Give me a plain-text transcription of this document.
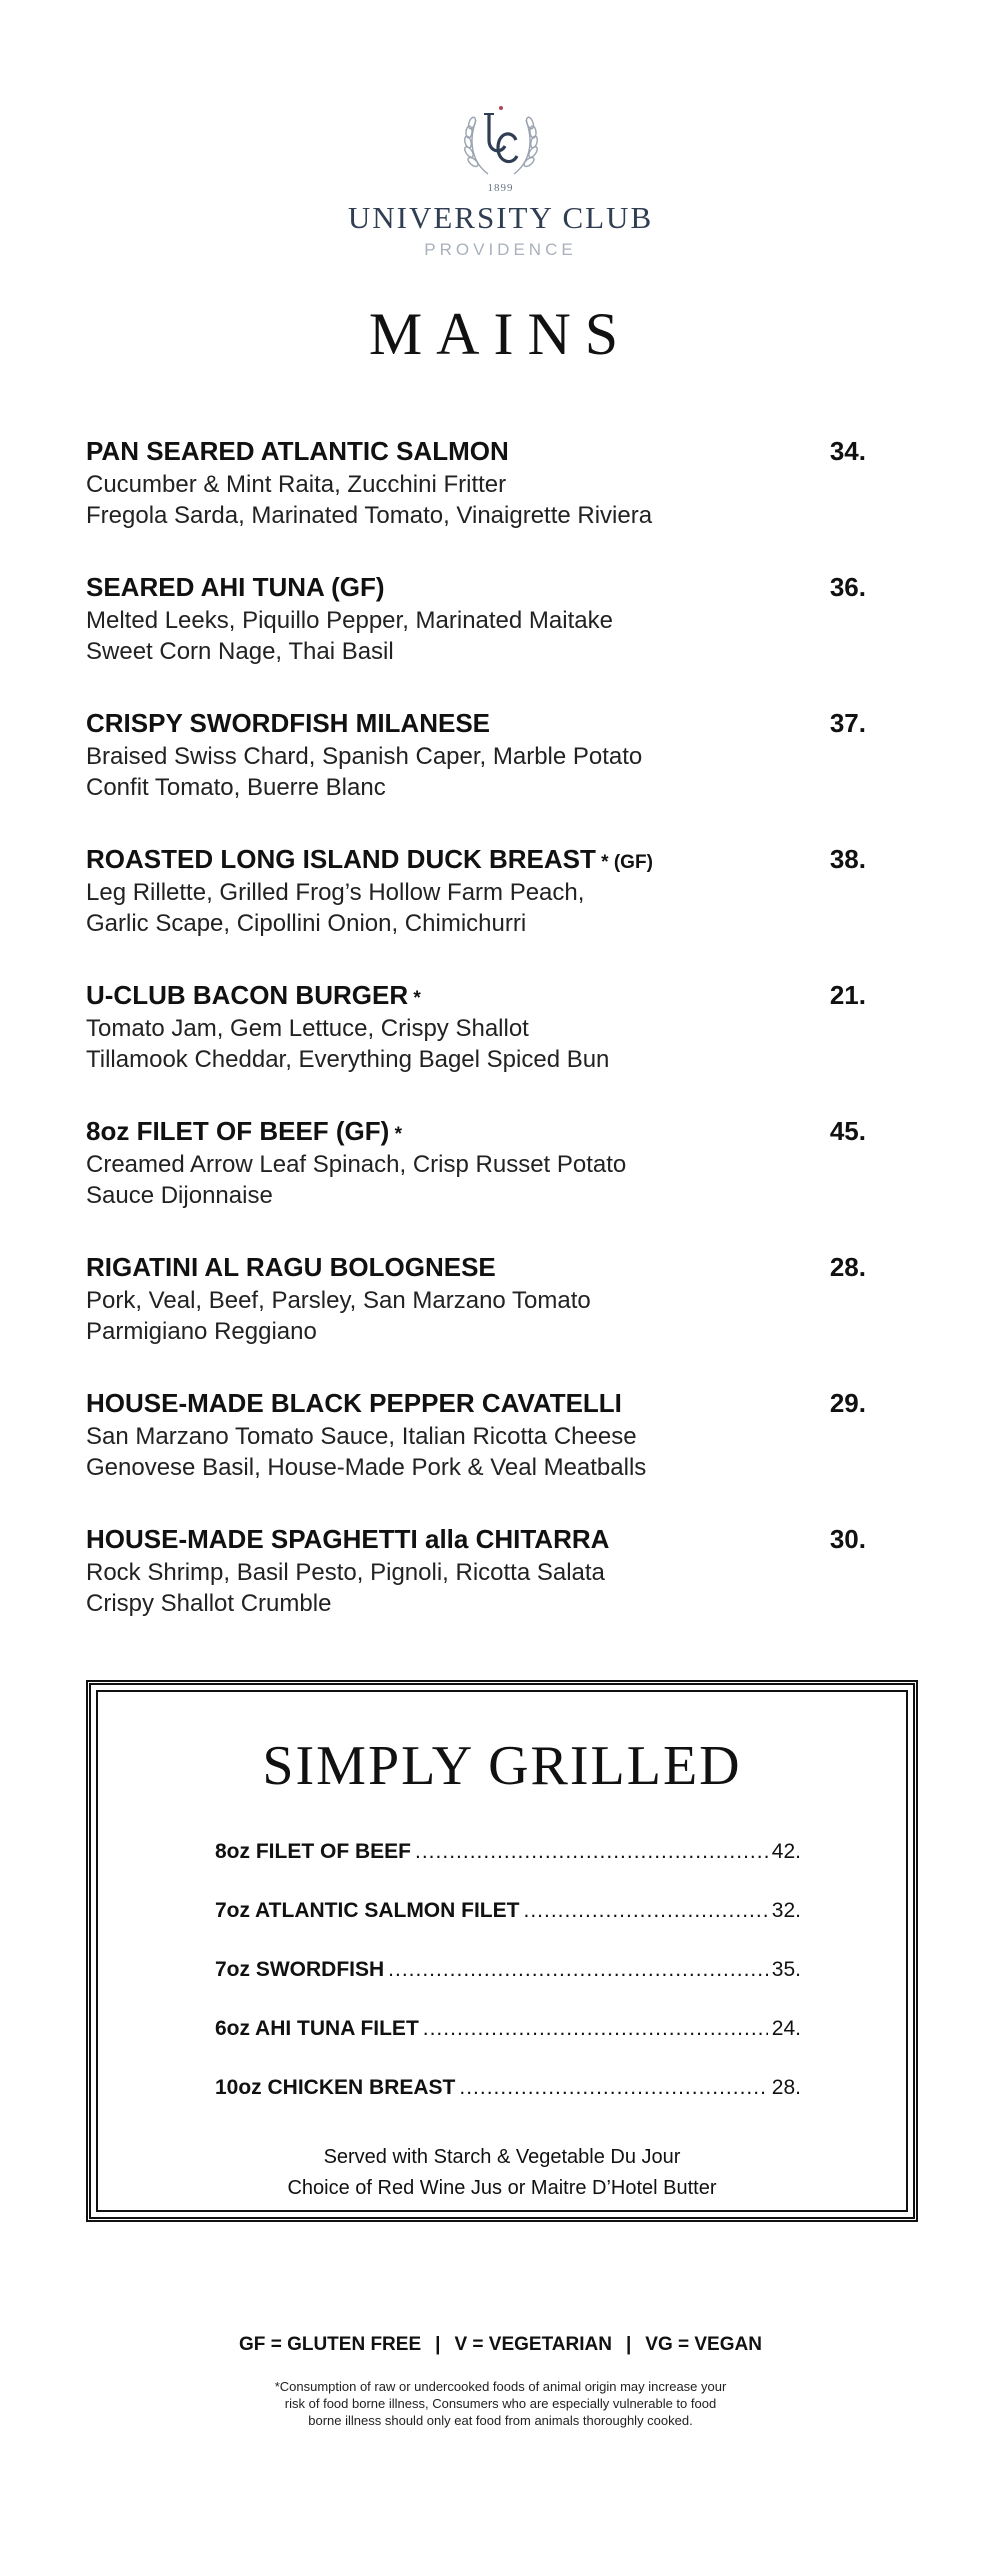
1899
UNIVERSITY CLUB
PROVIDENCE
MAINS
PAN SEARED ATLANTIC SALMON	34.
Cucumber & Mint Raita, Zucchini Fritter
Fregola Sarda, Marinated Tomato, Vinaigrette Riviera
SEARED AHI TUNA (GF)	36.
Melted Leeks, Piquillo Pepper, Marinated Maitake
Sweet Corn Nage, Thai Basil
CRISPY SWORDFISH MILANESE	37.
Braised Swiss Chard, Spanish Caper, Marble Potato
Confit Tomato, Buerre Blanc
ROASTED LONG ISLAND DUCK BREAST * (GF)	38.
Leg Rillette, Grilled Frog’s Hollow Farm Peach,
Garlic Scape, Cipollini Onion, Chimichurri
U-CLUB BACON BURGER *	21.
Tomato Jam, Gem Lettuce, Crispy Shallot
Tillamook Cheddar, Everything Bagel Spiced Bun
8oz FILET OF BEEF (GF) *	45.
Creamed Arrow Leaf Spinach, Crisp Russet Potato
Sauce Dijonnaise
RIGATINI AL RAGU BOLOGNESE	28.
Pork, Veal, Beef, Parsley, San Marzano Tomato
Parmigiano Reggiano
HOUSE-MADE BLACK PEPPER CAVATELLI	29.
San Marzano Tomato Sauce, Italian Ricotta Cheese
Genovese Basil, House-Made Pork & Veal Meatballs
HOUSE-MADE SPAGHETTI alla CHITARRA	30.
Rock Shrimp, Basil Pesto, Pignoli, Ricotta Salata
Crispy Shallot Crumble
SIMPLY GRILLED
8oz FILET OF BEEF .....	42.
7oz ATLANTIC SALMON FILET .....	32.
7oz SWORDFISH .....	35.
6oz AHI TUNA FILET .....	24.
10oz CHICKEN BREAST .....	28.
Served with Starch & Vegetable Du Jour
Choice of Red Wine Jus or Maitre D’Hotel Butter
GF = GLUTEN FREE | V = VEGETARIAN | VG = VEGAN
*Consumption of raw or undercooked foods of animal origin may increase your
risk of food borne illness, Consumers who are especially vulnerable to food
borne illness should only eat food from animals thoroughly cooked.
